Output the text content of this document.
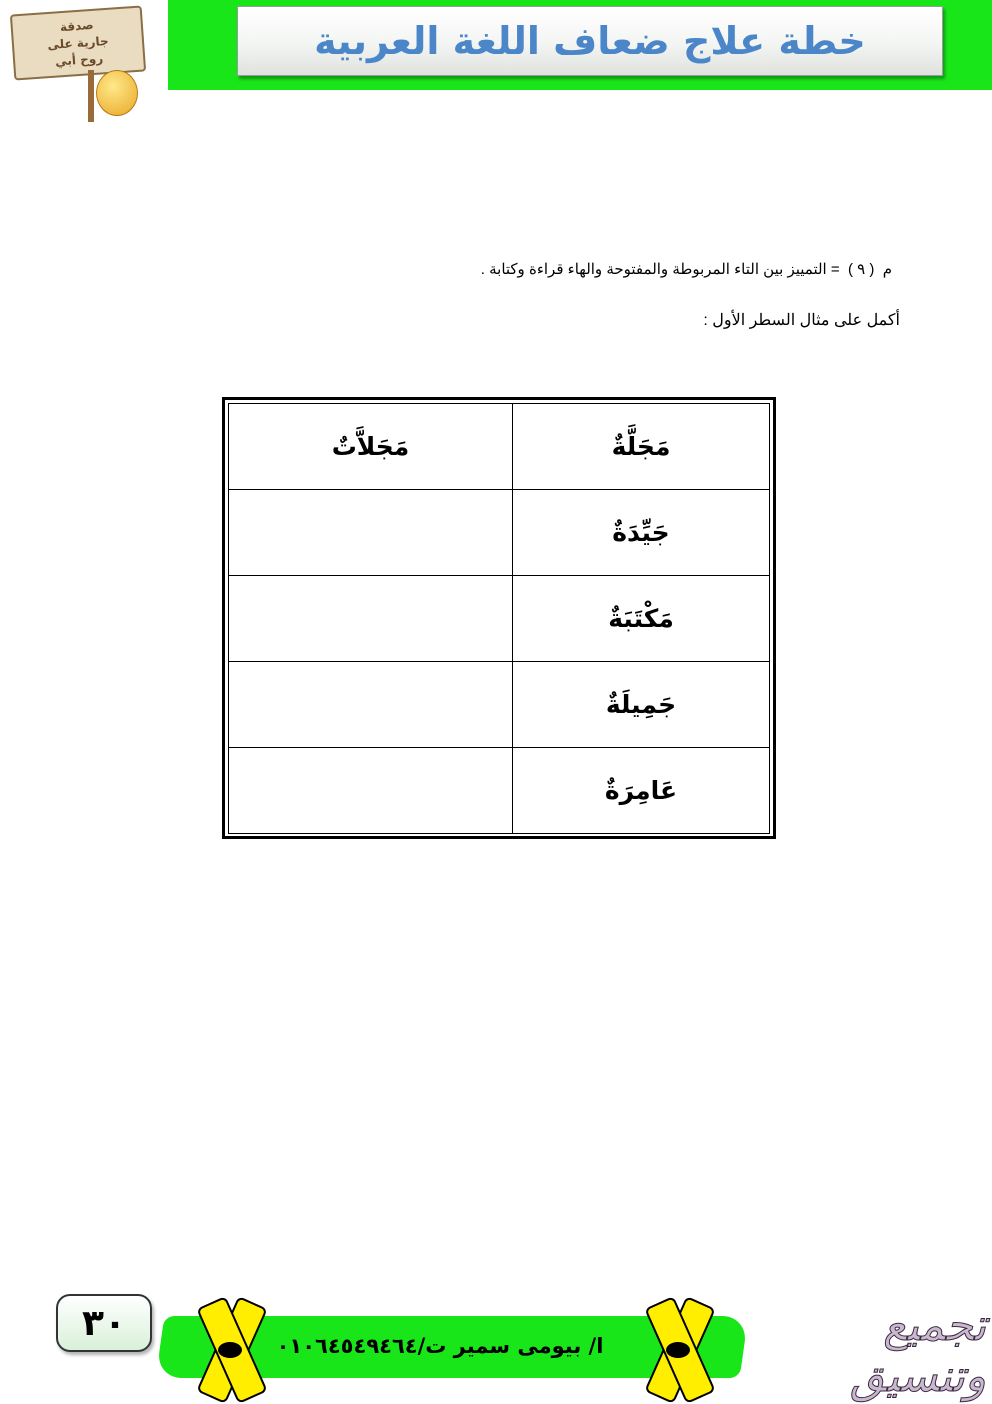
خطة علاج ضعاف اللغة العربية
صدقة
جارية على
روح أبي
م  ( ٩ )  = التمييز بين التاء المربوطة والمفتوحة والهاء قراءة وكتابة .
أكمل على مثال السطر الأول :
مَجَلَّةٌ	مَجَلاَّتٌ
جَيِّدَةٌ	
مَكْتَبَةٌ	
جَمِيلَةٌ	
عَامِرَةٌ	
٣٠
ا/ بيومى سمير ت/٠١٠٦٤٥٤٩٤٦٤	تجميع وتنسيق
